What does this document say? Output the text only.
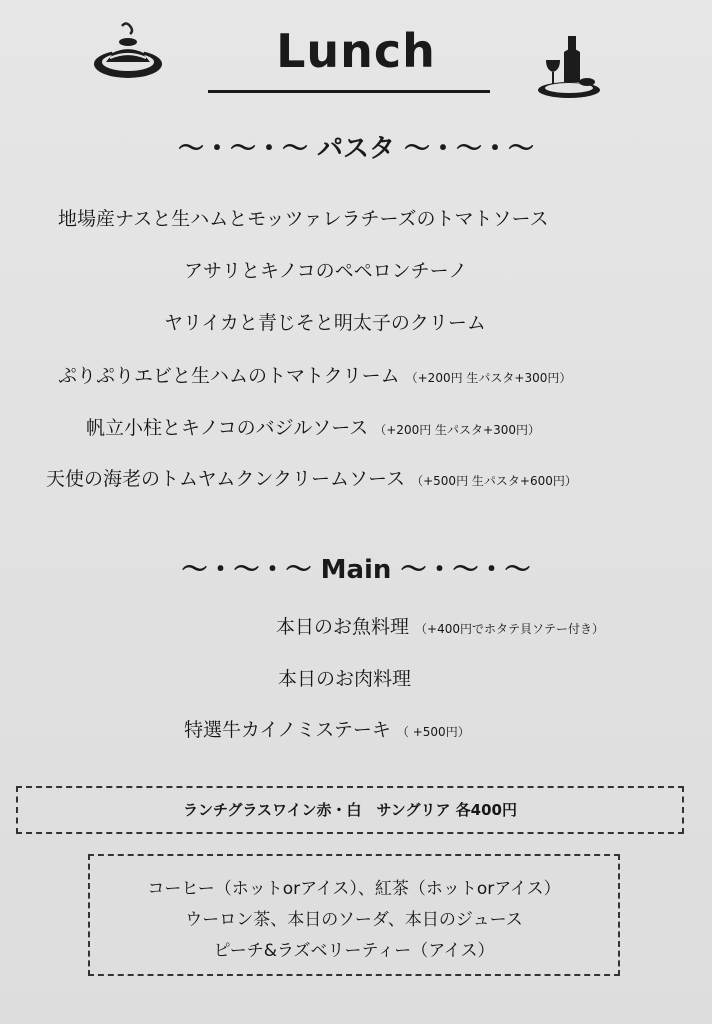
Lunch
～・～・～ パスタ ～・～・～
地場産ナスと生ハムとモッツァレラチーズのトマトソース
アサリとキノコのペペロンチーノ
ヤリイカと青じそと明太子のクリーム
ぷりぷりエビと生ハムのトマトクリーム （+200円 生パスタ+300円）
帆立小柱とキノコのバジルソース （+200円 生パスタ+300円）
天使の海老のトムヤムクンクリームソース （+500円 生パスタ+600円）
～・～・～ Main ～・～・～
本日のお魚料理 （+400円でホタテ貝ソテー付き）
本日のお肉料理
特選牛カイノミステーキ （ +500円）
ランチグラスワイン赤・白　サングリア 各400円
コーヒー（ホットorアイス）、紅茶（ホットorアイス）
ウーロン茶、本日のソーダ、本日のジュース
ピーチ&ラズベリーティー（アイス）
